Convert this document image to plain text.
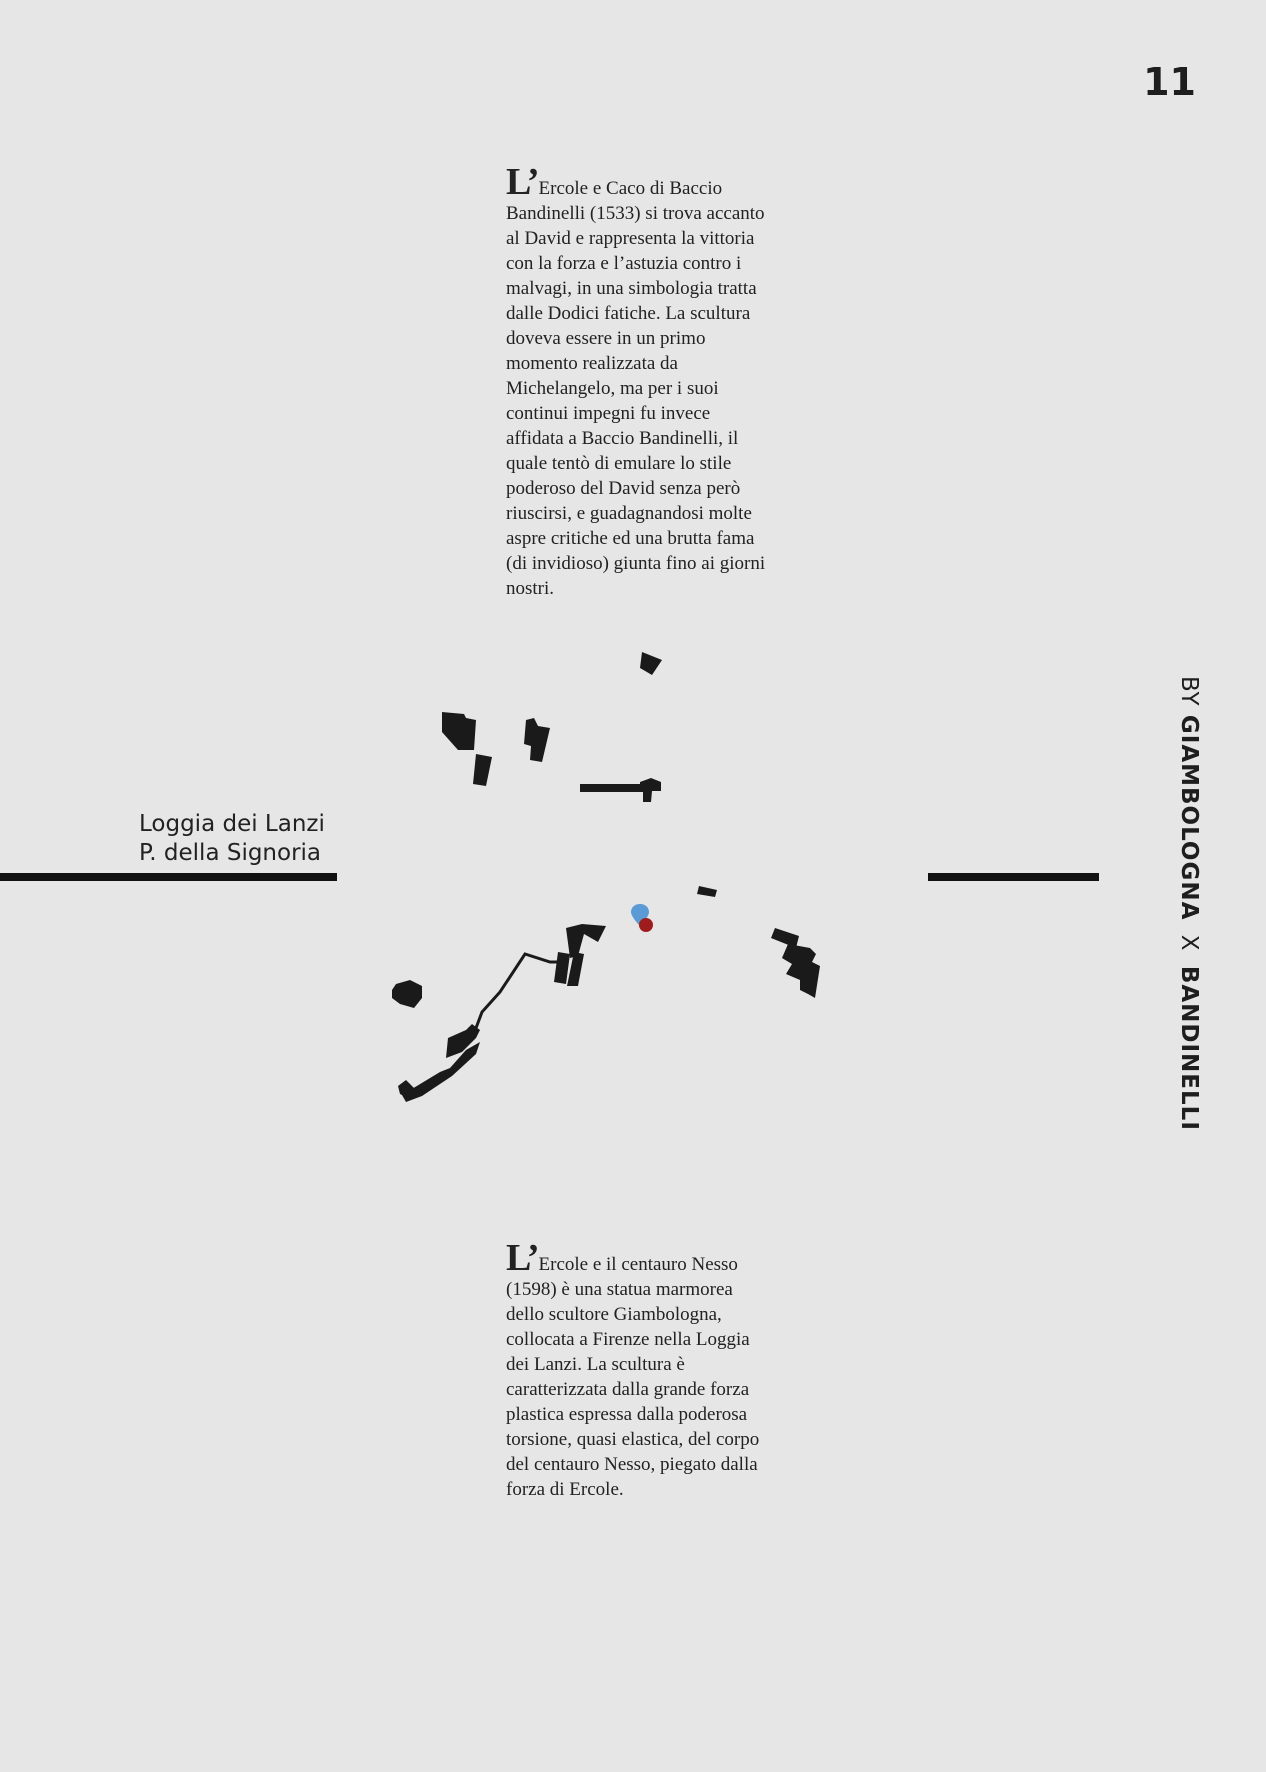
11
BY GIAMBOLOGNA X BANDINELLI
L’Ercole e Caco di Baccio Bandinelli (1533) si trova accanto al David e rappresenta la vittoria con la forza e l’astuzia contro i malvagi, in una simbologia tratta dalle Dodici fatiche. La scultura doveva essere in un primo momento realizzata da Michelangelo, ma per i suoi continui impegni fu invece affidata a Baccio Bandinelli, il quale tentò di emulare lo stile poderoso del David senza però riuscirsi, e guadagnandosi molte aspre critiche ed una brutta fama (di invidioso) giunta fino ai giorni nostri.
Loggia dei Lanzi
P. della Signoria
L’Ercole e il centauro Nesso (1598) è una statua marmorea dello scultore Giambologna, collocata a Firenze nella Loggia dei Lanzi. La scultura è caratterizzata dalla grande forza plastica espressa dalla poderosa torsione, quasi elastica, del corpo del centauro Nesso, piegato dalla forza di Ercole.
